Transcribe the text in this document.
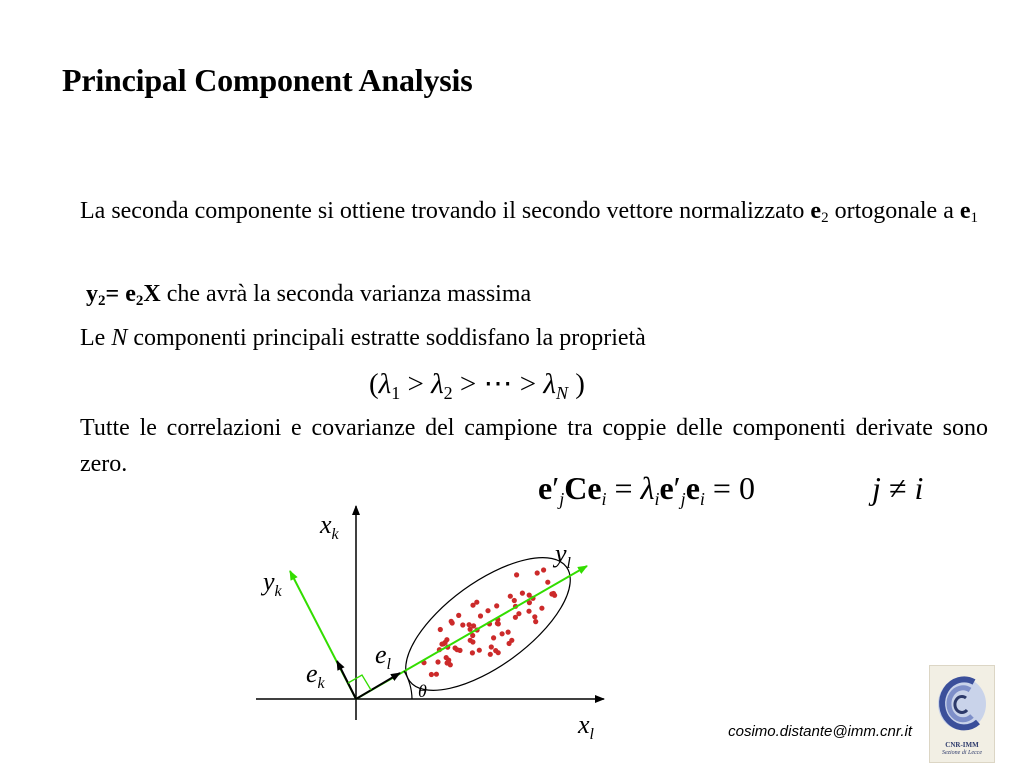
Principal Component Analysis
La seconda componente si ottiene trovando il secondo vettore normalizzato $e_2$ ortogonale a $e_1$
$y_2= e_2X$ che avrà la seconda varianza massima
Le N componenti principali estratte soddisfano la proprietà
($\lambda_1 > \lambda_2$ > ⋯ > $\lambda_N$ )
Tutte le correlazioni e covarianze del campione tra coppie delle componenti derivate sono zero.
$e'_jCe_i = \lambda_ie'_je_i = 0$	j ≠ i
$x_k$
$y_l$
$y_k$
$e_l$
$e_k$	θ
$x_l$	cosimo.distante@imm.cnr.it
CNR-IMM
Sezione di Lecce
